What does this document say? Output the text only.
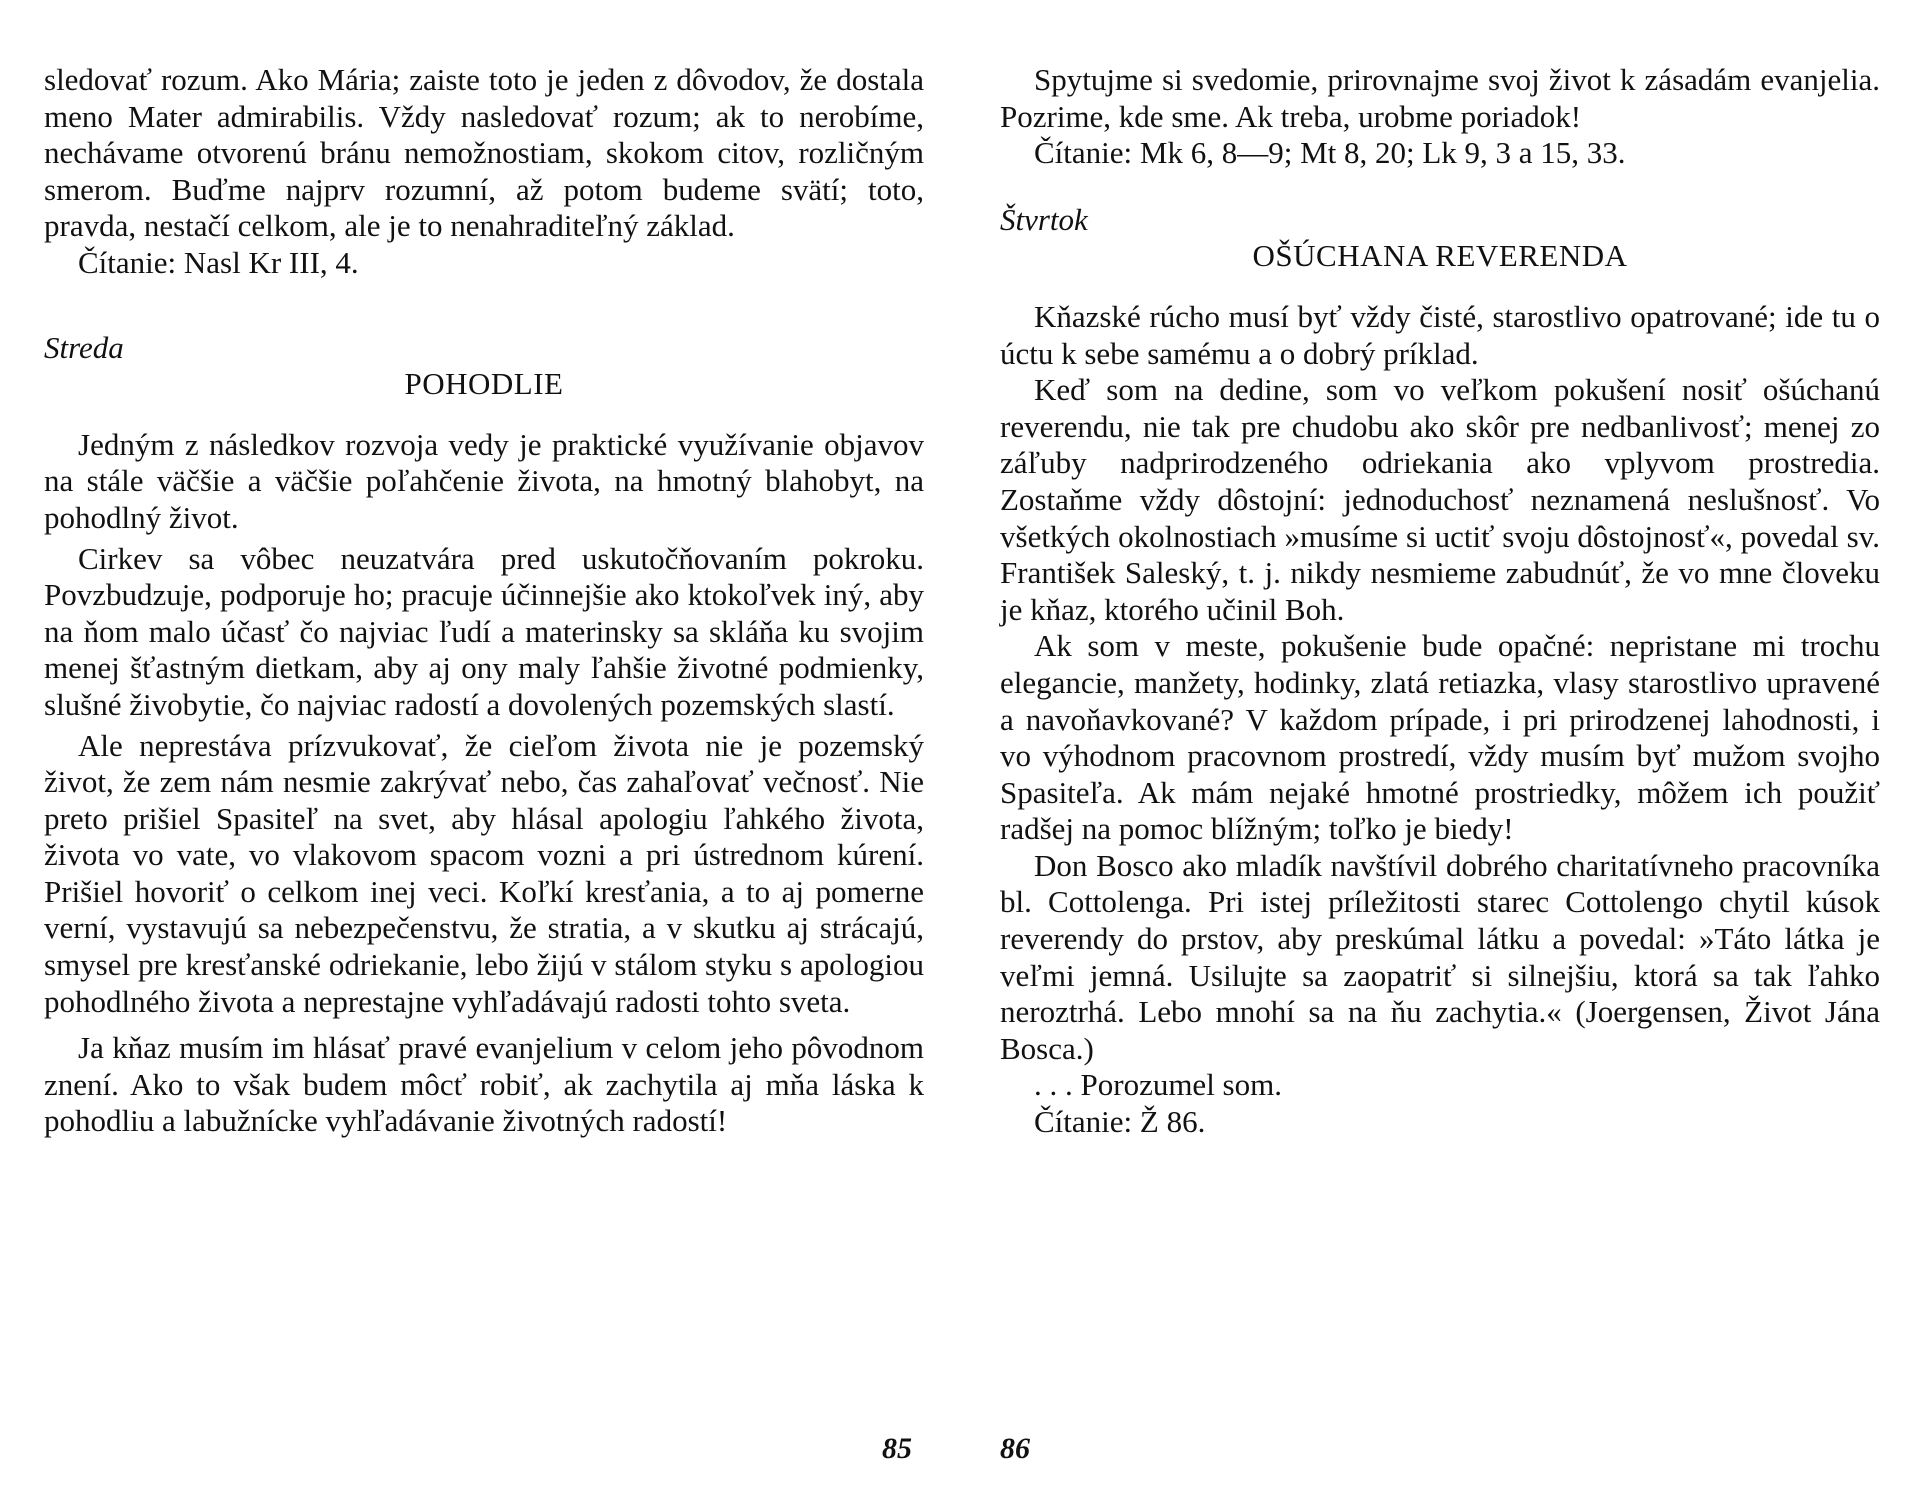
sledovať rozum. Ako Mária; zaiste toto je jeden z dôvodov, že dostala meno Mater admirabilis. Vždy nasledovať rozum; ak to nerobíme, nechávame otvorenú bránu nemožnostiam, skokom citov, rozličným smerom. Buďme najprv rozumní, až potom budeme svätí; toto, pravda, nestačí celkom, ale je to nenahraditeľný základ.

Čítanie: Nasl Kr III, 4.

Streda

POHODLIE

Jedným z následkov rozvoja vedy je praktické využívanie objavov na stále väčšie a väčšie poľahčenie života, na hmotný blahobyt, na pohodlný život.

Cirkev sa vôbec neuzatvára pred uskutočňovaním pokroku. Povzbudzuje, podporuje ho; pracuje účinnejšie ako ktokoľvek iný, aby na ňom malo účasť čo najviac ľudí a materinsky sa skláňa ku svojim menej šťastným dietkam, aby aj ony maly ľahšie životné podmienky, slušné živobytie, čo najviac radostí a dovolených pozemských slastí.

Ale neprestáva prízvukovať, že cieľom života nie je pozemský život, že zem nám nesmie zakrývať nebo, čas zahaľovať večnosť. Nie preto prišiel Spasiteľ na svet, aby hlásal apologiu ľahkého života, života vo vate, vo vlakovom spacom vozni a pri ústrednom kúrení. Prišiel hovoriť o celkom inej veci. Koľkí kresťania, a to aj pomerne verní, vystavujú sa nebezpečenstvu, že stratia, a v skutku aj strácajú, smysel pre kresťanské odriekanie, lebo žijú v stálom styku s apologiou pohodlného života a neprestajne vyhľadávajú radosti tohto sveta.

Ja kňaz musím im hlásať pravé evanjelium v celom jeho pôvodnom znení. Ako to však budem môcť robiť, ak zachytila aj mňa láska k pohodliu a labužnícke vyhľadávanie životných radostí!

Spytujme si svedomie, prirovnajme svoj život k zásadám evanjelia. Pozrime, kde sme. Ak treba, urobme poriadok!

Čítanie: Mk 6, 8—9; Mt 8, 20; Lk 9, 3 a 15, 33.

Štvrtok

OŠÚCHANA REVERENDA

Kňazské rúcho musí byť vždy čisté, starostlivo opatrované; ide tu o úctu k sebe samému a o dobrý príklad.

Keď som na dedine, som vo veľkom pokušení nosiť ošúchanú reverendu, nie tak pre chudobu ako skôr pre nedbanlivosť; menej zo záľuby nadprirodzeného odriekania ako vplyvom prostredia. Zostaňme vždy dôstojní: jednoduchosť neznamená neslušnosť. Vo všetkých okolnostiach »musíme si uctiť svoju dôstojnosť«, povedal sv. František Saleský, t. j. nikdy nesmieme zabudnúť, že vo mne človeku je kňaz, ktorého učinil Boh.

Ak som v meste, pokušenie bude opačné: nepristane mi trochu elegancie, manžety, hodinky, zlatá retiazka, vlasy starostlivo upravené a navoňavkované? V každom prípade, i pri prirodzenej lahodnosti, i vo výhodnom pracovnom prostredí, vždy musím byť mužom svojho Spasiteľa. Ak mám nejaké hmotné prostriedky, môžem ich použiť radšej na pomoc blížným; toľko je biedy!

Don Bosco ako mladík navštívil dobrého charitatívneho pracovníka bl. Cottolenga. Pri istej príležitosti starec Cottolengo chytil kúsok reverendy do prstov, aby preskúmal látku a povedal: »Táto látka je veľmi jemná. Usilujte sa zaopatriť si silnejšiu, ktorá sa tak ľahko neroztrhá. Lebo mnohí sa na ňu zachytia.« (Joergensen, Život Jána Bosca.)

. . . Porozumel som.

Čítanie: Ž 86.

85	86
